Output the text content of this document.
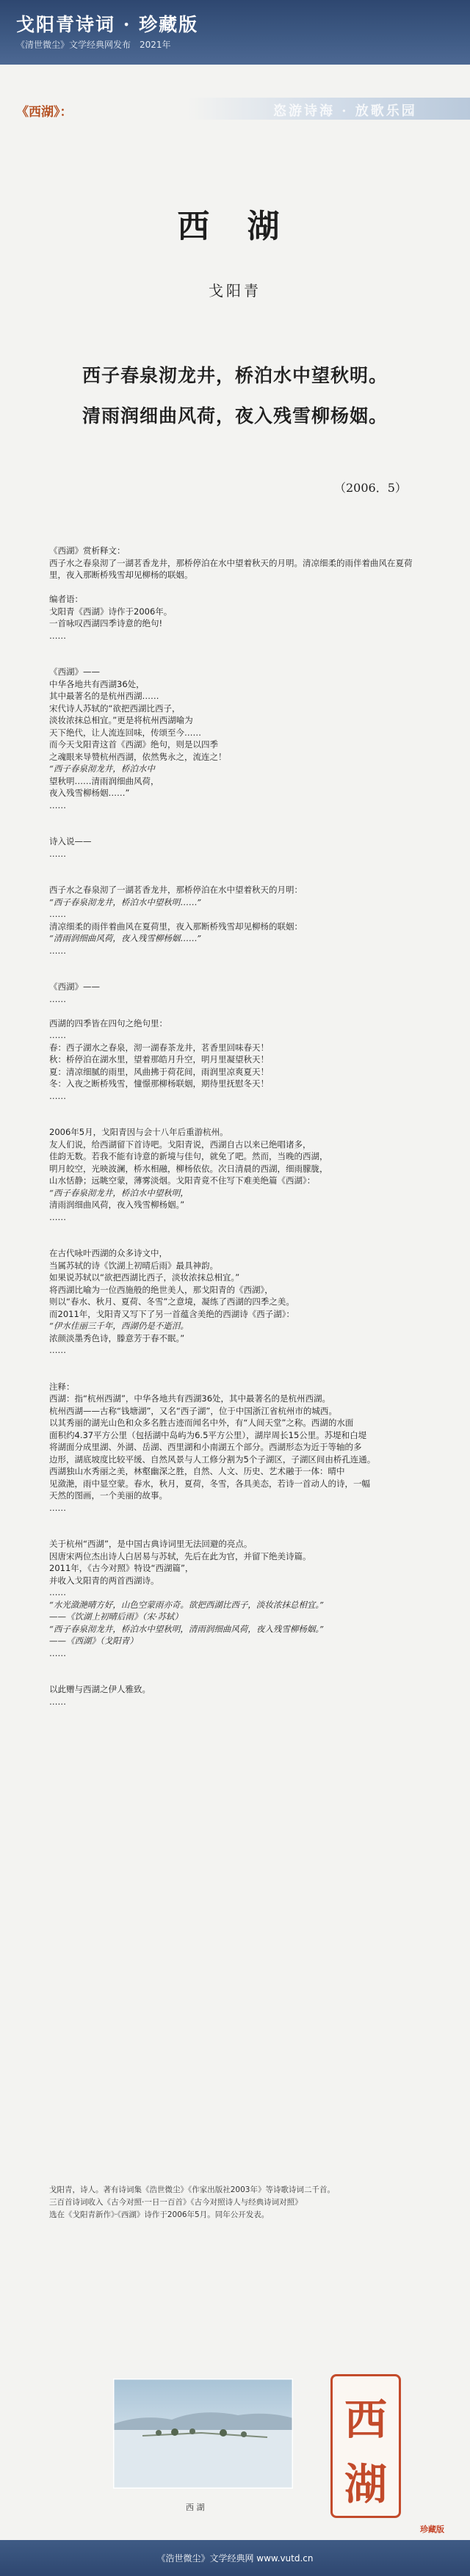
戈阳青诗词 · 珍藏版
《清世微尘》文学经典网发布　2021年
《西湖》：	恣游诗海 · 放歌乐园
西 湖
戈阳青
西子春泉沏龙井，桥泊水中望秋明。
清雨润细曲风荷，夜入残雪柳杨姻。
（2006．5）
《西湖》赏析释文：
西子水之春泉沏了一湖茗香龙井，那桥停泊在水中望着秋天的月明。清凉细柔的雨伴着曲风在夏荷里，夜入那断桥残雪却见柳杨的联姻。
编者语：
戈阳青《西湖》诗作于2006年。
一首咏叹西湖四季诗意的绝句!
……
《西湖》——
中华各地共有西湖36处，
其中最著名的是杭州西湖……
宋代诗人苏轼的“欲把西湖比西子，
淡妆浓抹总相宜。”更是将杭州西湖喻为
天下绝代，让人流连回味，传颂至今……
而今天戈阳青这首《西湖》绝句，则是以四季
之魂眼来导赞杭州西湖，依然隽永之，流连之！
“西子春泉沏龙井，桥泊水中
望秋明……清雨润细曲风荷，
夜入残雪柳杨姻……”
……
诗入说——
……
西子水之春泉沏了一湖茗香龙井，那桥停泊在水中望着秋天的月明：
“西子春泉沏龙井，桥泊水中望秋明……”
……
清凉细柔的雨伴着曲风在夏荷里，夜入那断桥残雪却见柳杨的联姻：
“清雨润细曲风荷，夜入残雪柳杨姻……”
……
《西湖》——
……
西湖的四季皆在四句之绝句里：
……
春：西子湖水之春泉，沏一湖春茶龙井，茗香里回味春天！
秋：桥停泊在湖水里，望着那皓月升空，明月里凝望秋天！
夏：清凉细腻的雨里，风曲拂于荷花间，雨润里凉爽夏天！
冬：入夜之断桥残雪，憧憬那柳杨联姻，期待里抚慰冬天！
……
2006年5月，戈阳青因与会十八年后重游杭州。
友人们说，给西湖留下首诗吧。戈阳青说，西湖自古以来已绝唱诸多，
佳韵无数。若我不能有诗意的新境与佳句，就免了吧。然而，当晚的西湖，
明月皎空，光映波澜，桥水相融，柳杨依依。次日清晨的西湖，细雨朦胧，
山水恬静；远眺空蒙，薄雾淡烟。戈阳青竟不住写下难美绝篇《西湖》：
“西子春泉沏龙井，桥泊水中望秋明，
清雨润细曲风荷，夜入残雪柳杨姻。”
……
在古代咏叶西湖的众多诗文中，
当属苏轼的诗《饮湖上初晴后雨》最具神韵。
如果说苏轼以“欲把西湖比西子，淡妆浓抹总相宜。”
将西湖比喻为一位西施般的绝世美人，那戈阳青的《西湖》，
则以“春水、秋月、夏荷、冬雪”之意境，凝练了西湖的四季之美。
而2011年，戈阳青又写下了另一首蕴含美绝的西湖诗《西子湖》：
“伊水佳丽三千年，西湖仍是不逝泪。
浓颜淡墨秀色诗，滕意芳于春不眠。”
……
注释：
西湖：指“杭州西湖”，中华各地共有西湖36处，其中最著名的是杭州西湖。
杭州西湖——古称“钱塘湖”，又名“西子湖”，位于中国浙江省杭州市的城西。
以其秀丽的湖光山色和众多名胜古迹而闻名中外，有“人间天堂”之称。西湖的水面
面积约4.37平方公里（包括湖中岛屿为6.5平方公里），湖岸周长15公里。苏堤和白堤
将湖面分成里湖、外湖、岳湖、西里湖和小南湖五个部分。西湖形态为近于等轴的多
边形，湖底坡度比较平缓、自然风景与人工修分割为5个子湖区，子湖区间由桥孔连通。
西湖独山水秀丽之美，林壑幽深之胜，自然、人文、历史、艺术融于一体：晴中
见潋滟，雨中显空蒙。春水，秋月，夏荷，冬雪，各具美态，若诗一首动人的诗，一幅
天然的图画，一个美丽的故事。
……
关于杭州“西湖”，是中国古典诗词里无法回避的亮点。
因唐宋两位杰出诗人白居易与苏轼，先后在此为官，并留下绝美诗篇。
2011年，《古今对照》特设“西湖篇”，
并收入戈阳青的两首西湖诗。
……
“水光潋滟晴方好，山色空蒙雨亦奇。欲把西湖比西子，淡妆浓抹总相宜。”
——《饮湖上初晴后雨》（宋·苏轼）
“西子春泉沏龙井，桥泊水中望秋明，清雨润细曲风荷，夜入残雪柳杨姻。”
——《西湖》（戈阳青）
……
以此赠与西湖之伊人雅致。
……
戈阳青，诗人。著有诗词集《浩世微尘》《作家出版社2003年》等诗歌诗词二千首。
三百首诗词收入《古今对照·一日一百首》《古今对照诗人与经典诗词对照》
选在《戈阳青新作》·《西湖》诗作于2006年5月。同年公开发表。
西 湖
西
湖
珍藏版
《浩世微尘》文学经典网 www.vutd.cn
